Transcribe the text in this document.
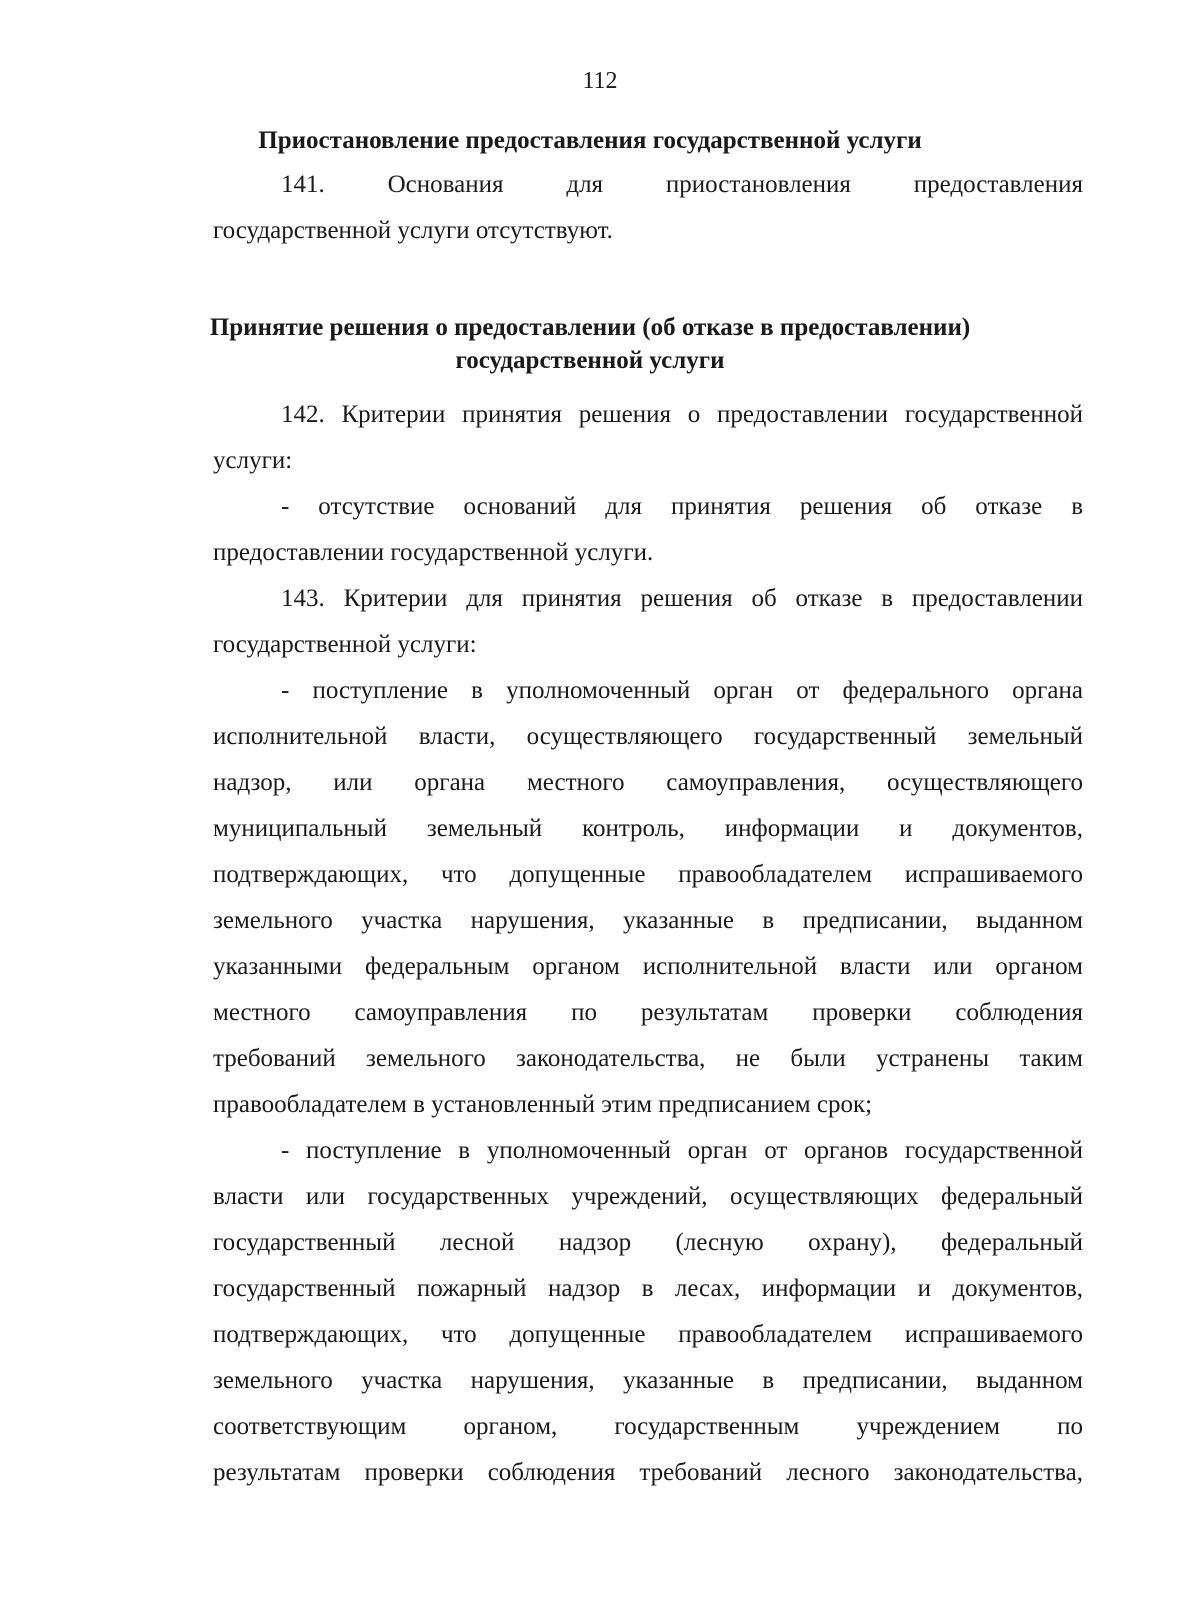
112
Приостановление предоставления государственной услуги
141. Основания для приостановления предоставления
государственной услуги отсутствуют.
Принятие решения о предоставлении (об отказе в предоставлении)
государственной услуги
142. Критерии принятия решения о предоставлении государственной
услуги:
- отсутствие оснований для принятия решения об отказе в
предоставлении государственной услуги.
143. Критерии для принятия решения об отказе в предоставлении
государственной услуги:
- поступление в уполномоченный орган от федерального органа
исполнительной власти, осуществляющего государственный земельный
надзор, или органа местного самоуправления, осуществляющего
муниципальный земельный контроль, информации и документов,
подтверждающих, что допущенные правообладателем испрашиваемого
земельного участка нарушения, указанные в предписании, выданном
указанными федеральным органом исполнительной власти или органом
местного самоуправления по результатам проверки соблюдения
требований земельного законодательства, не были устранены таким
правообладателем в установленный этим предписанием срок;
- поступление в уполномоченный орган от органов государственной
власти или государственных учреждений, осуществляющих федеральный
государственный лесной надзор (лесную охрану), федеральный
государственный пожарный надзор в лесах, информации и документов,
подтверждающих, что допущенные правообладателем испрашиваемого
земельного участка нарушения, указанные в предписании, выданном
соответствующим органом, государственным учреждением по
результатам проверки соблюдения требований лесного законодательства,
